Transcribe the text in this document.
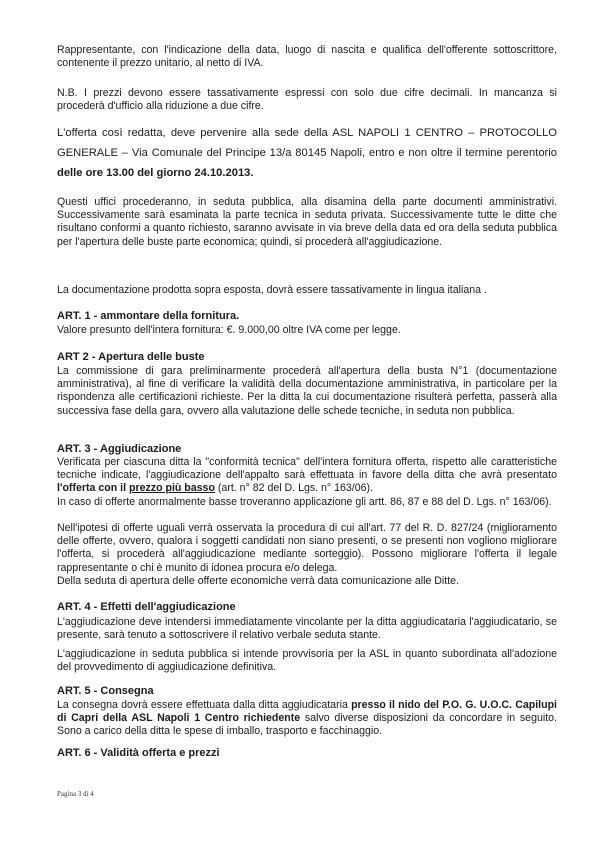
Rappresentante, con l'indicazione della data, luogo di nascita e qualifica dell'offerente sottoscrittore, contenente il prezzo unitario, al netto di IVA.

N.B. I prezzi devono essere tassativamente espressi con solo due cifre decimali. In mancanza si procederà d'ufficio alla riduzione a due cifre.

L'offerta così redatta, deve pervenire alla sede della ASL NAPOLI 1 CENTRO – PROTOCOLLO GENERALE – Via Comunale del Principe 13/a 80145 Napoli, entro e non oltre il termine perentorio delle ore 13.00 del giorno 24.10.2013.

Questi uffici procederanno, in seduta pubblica, alla disamina della parte documenti amministrativi. Successivamente sarà esaminata la parte tecnica in seduta privata. Successivamente tutte le ditte che risultano conformi a quanto richiesto, saranno avvisate in via breve della data ed ora della seduta pubblica per l'apertura delle buste parte economica; quindi, si procederà all'aggiudicazione.

La documentazione prodotta sopra esposta, dovrà essere tassativamente in lingua italiana .

ART. 1 - ammontare della fornitura.

Valore presunto dell'intera fornitura: €. 9.000,00 oltre IVA come per legge.

ART 2 - Apertura delle buste

La commissione di gara preliminarmente procederà all'apertura della busta N°1 (documentazione amministrativa), al fine di verificare la validità della documentazione amministrativa, in particolare per la rispondenza alle certificazioni richieste. Per la ditta la cui documentazione risulterà perfetta, passerà alla successiva fase della gara, ovvero alla valutazione delle schede tecniche, in seduta non pubblica.

ART. 3 - Aggiudicazione

Verificata per ciascuna ditta la "conformità tecnica" dell'intera fornitura offerta, rispetto alle caratteristiche tecniche indicate, l'aggiudicazione dell'appalto sarà effettuata in favore della ditta che avrà presentato l'offerta con il prezzo più basso (art. n° 82 del D. Lgs. n° 163/06).

In caso di offerte anormalmente basse troveranno applicazione gli artt. 86, 87 e 88 del D. Lgs. n° 163/06).

Nell'ipotesi di offerte uguali verrà osservata la procedura di cui all'art. 77 del R. D. 827/24 (miglioramento delle offerte, ovvero, qualora i soggetti candidati non siano presenti, o se presenti non vogliono migliorare l'offerta, si procederà all'aggiudicazione mediante sorteggio). Possono migliorare l'offerta il legale rappresentante o chi è munito di idonea procura e/o delega.

Della seduta di apertura delle offerte economiche verrà data comunicazione alle Ditte.

ART. 4 - Effetti dell'aggiudicazione

L'aggiudicazione deve intendersi immediatamente vincolante per la ditta aggiudicataria l'aggiudicatario, se presente, sarà tenuto a sottoscrivere il relativo verbale seduta stante.

L'aggiudicazione in seduta pubblica si intende provvisoria per la ASL in quanto subordinata all'adozione del provvedimento di aggiudicazione definitiva.

ART. 5 - Consegna

La consegna dovrà essere effettuata dalla ditta aggiudicataria presso il nido del P.O. G. U.O.C. Capilupi di Capri della ASL Napoli 1 Centro richiedente salvo diverse disposizioni da concordare in seguito. Sono a carico della ditta le spese di imballo, trasporto e facchinaggio.

ART. 6 - Validità offerta e prezzi

Pagina 3 di 4
